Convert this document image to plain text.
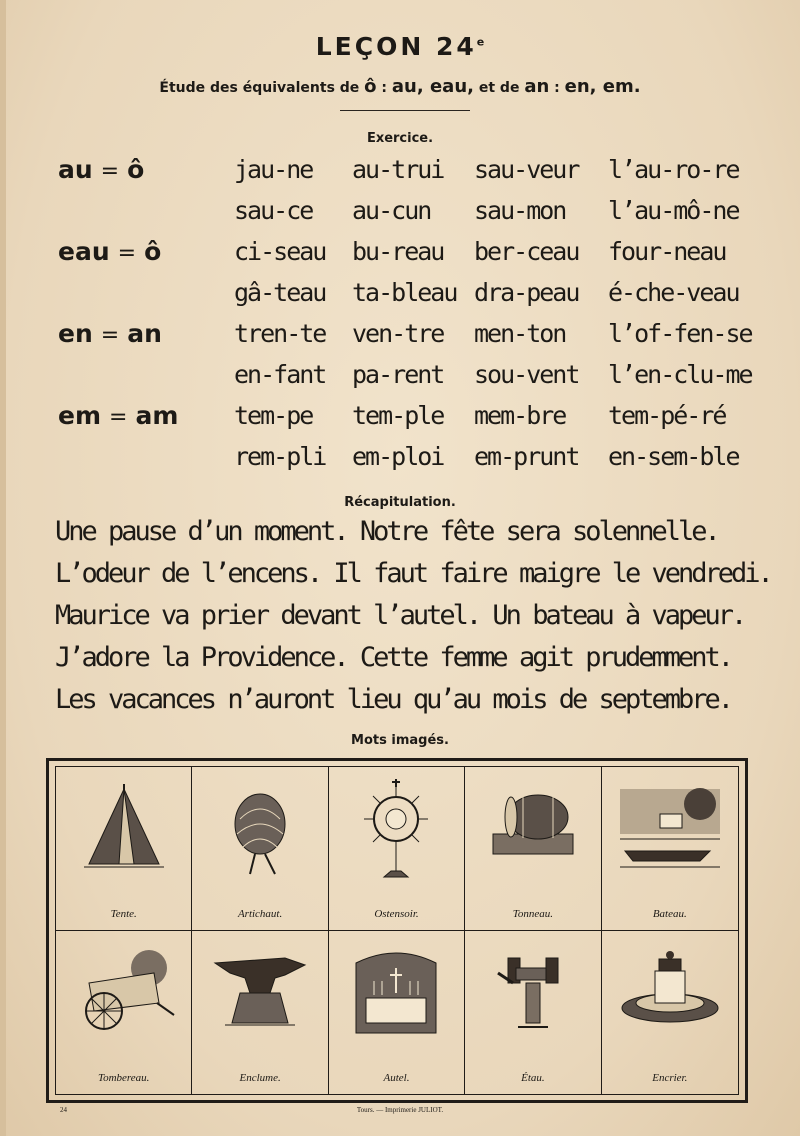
LEÇON 24e
Étude des équivalents de ô : au, eau, et de an : en, em.
Exercice.
au = ô	jau-ne au-trui sau-veur l’au-ro-re
sau-ce au-cun sau-mon l’au-mô-ne
eau = ô	ci-seau bu-reau ber-ceau four-neau
gâ-teau ta-bleau dra-peau é-che-veau
en = an	tren-te ven-tre men-ton l’of-fen-se
en-fant pa-rent sou-vent l’en-clu-me
em = am tem-pe tem-ple mem-bre tem-pé-ré
rem-pli em-ploi em-prunt en-sem-ble
Récapitulation.
Une pause d’un moment. Notre fête sera solennelle.
L’odeur de l’encens. Il faut faire maigre le vendredi.
Maurice va prier devant l’autel. Un bateau à vapeur.
J’adore la Providence. Cette femme agit prudemment.
Les vacances n’auront lieu qu’au mois de septembre.
Mots imagés.
Tente.	Artichaut.	Ostensoir.	Tonneau.	Bateau.
Tombereau.	Enclume.	Autel.	Étau.	Encrier.
24	Tours. — Imprimerie JULIOT.
